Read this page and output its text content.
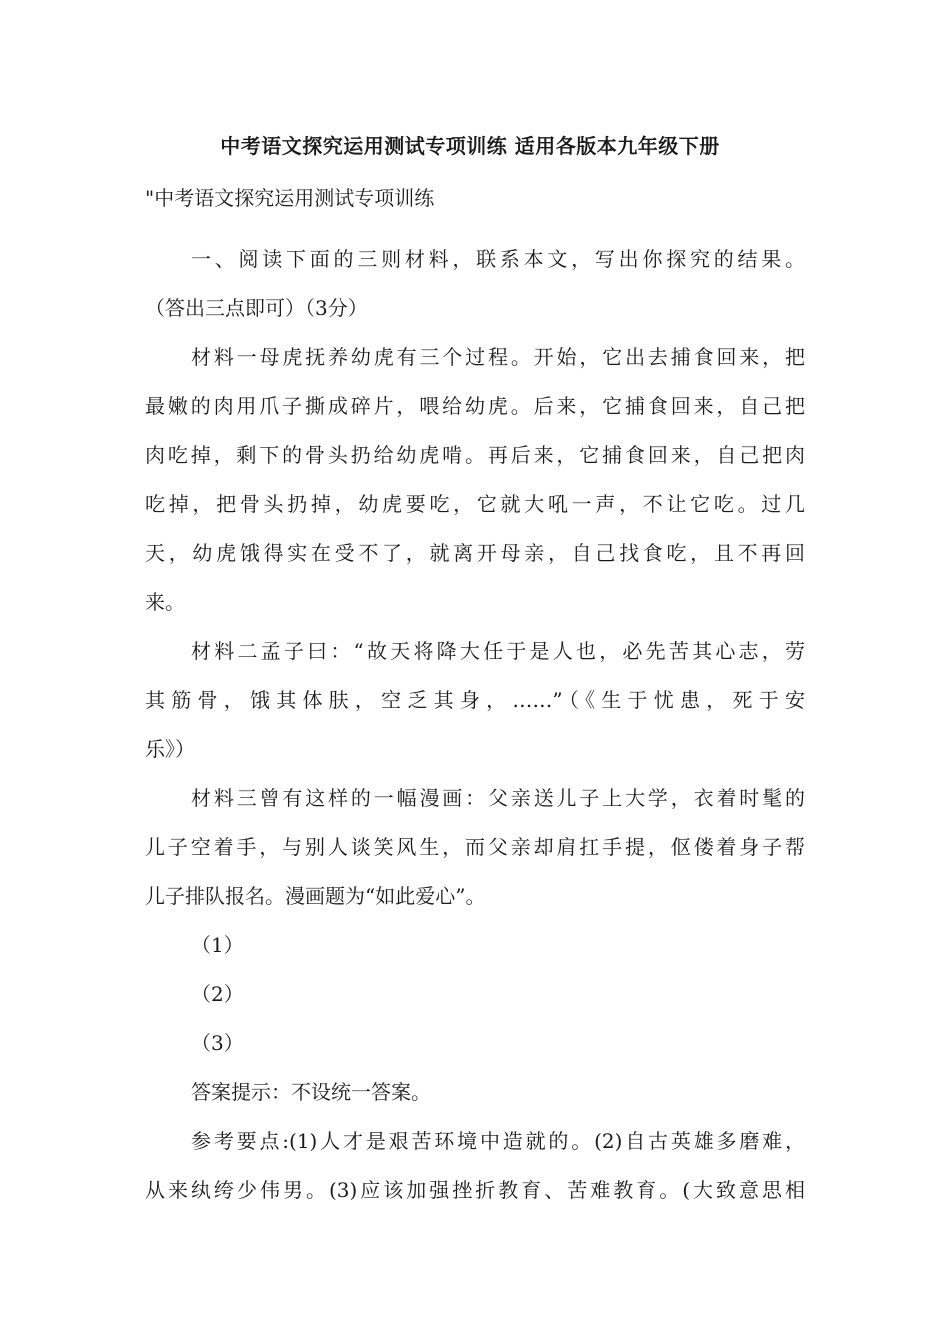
中考语文探究运用测试专项训练 适用各版本九年级下册

"中考语文探究运用测试专项训练

一、阅读下面的三则材料，联系本文，写出你探究的结果。

（答出三点即可）（3分）

材料一母虎抚养幼虎有三个过程。开始，它出去捕食回来，把

最嫩的肉用爪子撕成碎片，喂给幼虎。后来，它捕食回来，自己把

肉吃掉，剩下的骨头扔给幼虎啃。再后来，它捕食回来，自己把肉

吃掉，把骨头扔掉，幼虎要吃，它就大吼一声，不让它吃。过几

天，幼虎饿得实在受不了，就离开母亲，自己找食吃，且不再回

来。

材料二孟子曰：“故天将降大任于是人也，必先苦其心志，劳

其筋骨，饿其体肤，空乏其身，……”（《生于忧患，死于安

乐》）

材料三曾有这样的一幅漫画：父亲送儿子上大学，衣着时髦的

儿子空着手，与别人谈笑风生，而父亲却肩扛手提，伛偻着身子帮

儿子排队报名。漫画题为“如此爱心”。

（1）

（2）

（3）

答案提示：不设统一答案。

参考要点:(1)人才是艰苦环境中造就的。(2)自古英雄多磨难，

从来纨绔少伟男。(3)应该加强挫折教育、苦难教育。(大致意思相
